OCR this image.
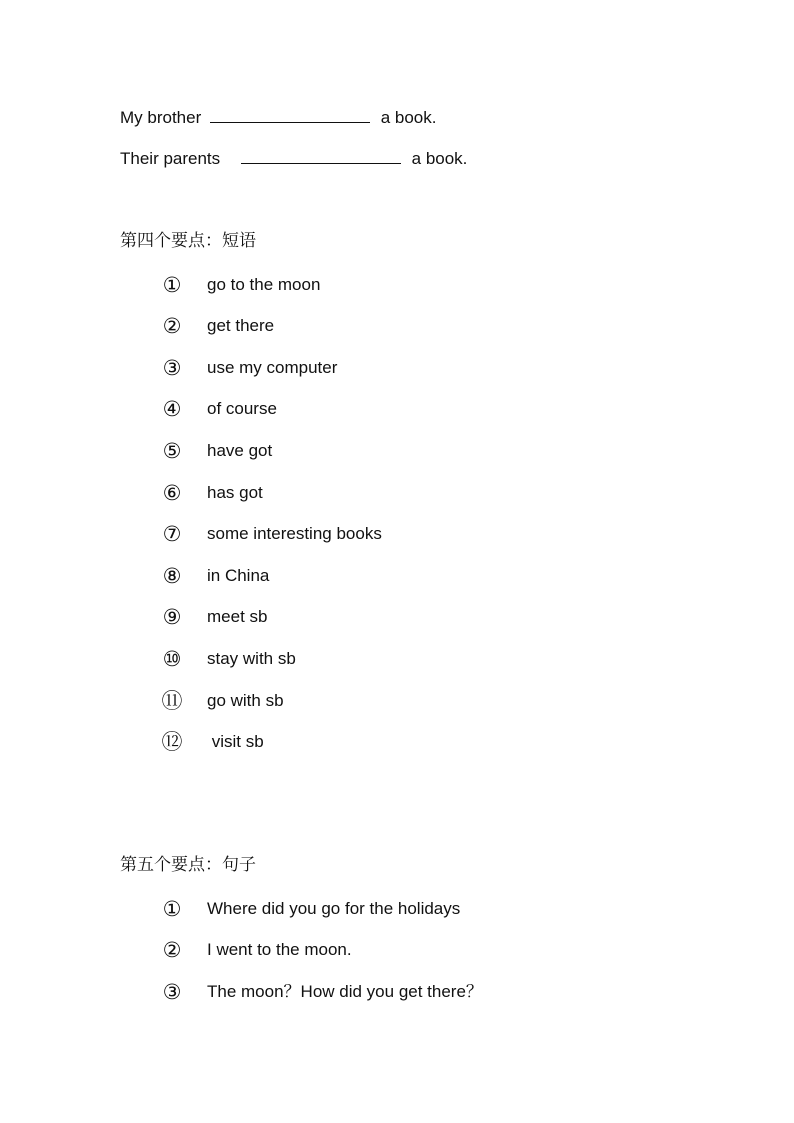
My brother	a book.
Their parents	a book.
第四个要点：短语
① go to the moon
② get there
③ use my computer
④ of course
⑤ have got
⑥ has got
⑦ some interesting books
⑧ in China
⑨ meet sb
⑩ stay with sb
⑪ go with sb
⑫ visit sb
第五个要点：句子
① Where did you go for the holidays
② I went to the moon.
③ The moon？How did you get there？
